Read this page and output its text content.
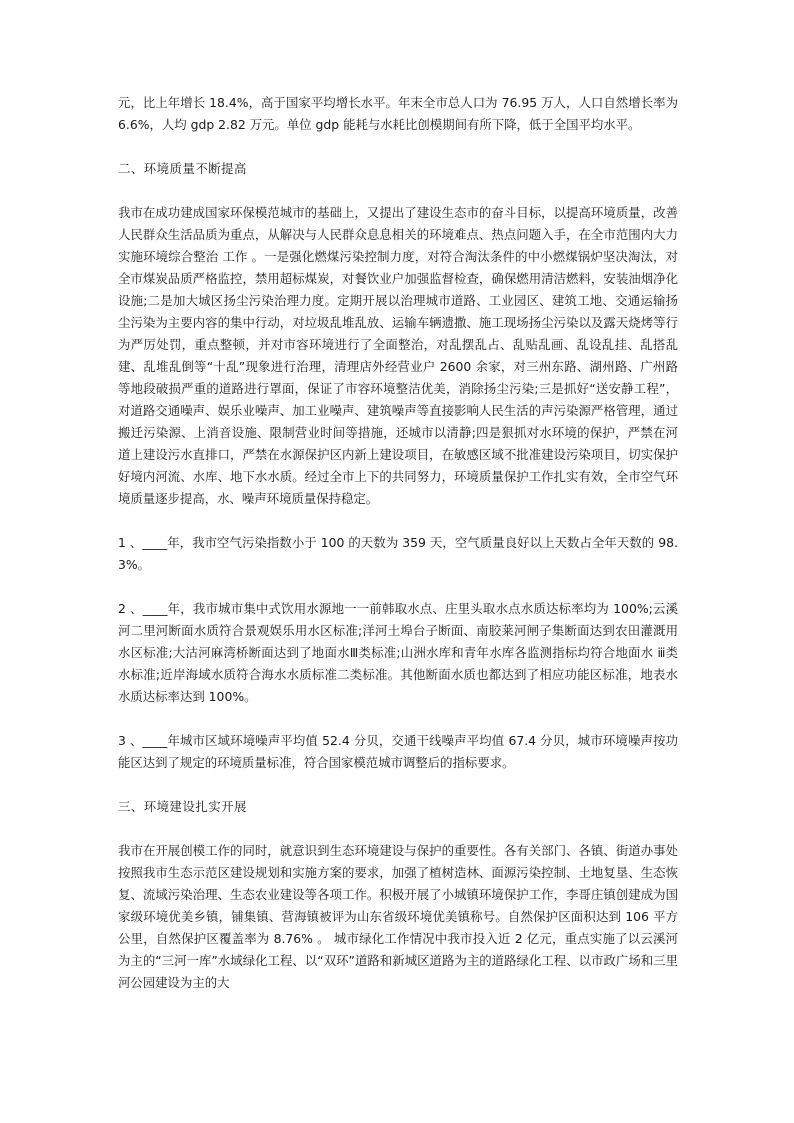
元，比上年增长 18.4%，高于国家平均增长水平。年末全市总人口为 76.95 万人，人口自然增长率为 6.6%，人均 gdp 2.82 万元。单位 gdp 能耗与水耗比创模期间有所下降，低于全国平均水平。

二、环境质量不断提高

我市在成功建成国家环保模范城市的基础上，又提出了建设生态市的奋斗目标，以提高环境质量，改善人民群众生活品质为重点，从解决与人民群众息息相关的环境难点、热点问题入手，在全市范围内大力实施环境综合整治 工作 。一是强化燃煤污染控制力度，对符合淘汰条件的中小燃煤锅炉坚决淘汰，对全市煤炭品质严格监控，禁用超标煤炭，对餐饮业户加强监督检查，确保燃用清洁燃料，安装油烟净化设施;二是加大城区扬尘污染治理力度。定期开展以治理城市道路、工业园区、建筑工地、交通运输扬尘污染为主要内容的集中行动，对垃圾乱堆乱放、运输车辆遗撒、施工现场扬尘污染以及露天烧烤等行为严厉处罚，重点整顿，并对市容环境进行了全面整治，对乱摆乱占、乱贴乱画、乱设乱挂、乱搭乱建、乱堆乱倒等“十乱”现象进行治理，清理店外经营业户 2600 余家，对三州东路、湖州路、广州路等地段破损严重的道路进行罩面，保证了市容环境整洁优美，消除扬尘污染;三是抓好“送安静工程”，对道路交通噪声、娱乐业噪声、加工业噪声、建筑噪声等直接影响人民生活的声污染源严格管理，通过搬迁污染源、上消音设施、限制营业时间等措施，还城市以清静;四是狠抓对水环境的保护，严禁在河道上建设污水直排口，严禁在水源保护区内新上建设项目，在敏感区域不批准建设污染项目，切实保护好境内河流、水库、地下水水质。经过全市上下的共同努力，环境质量保护工作扎实有效，全市空气环境质量逐步提高，水、噪声环境质量保持稳定。

1 、____年，我市空气污染指数小于 100 的天数为 359 天，空气质量良好以上天数占全年天数的 98.3%。

2 、____年，我市城市集中式饮用水源地一一前韩取水点、庄里头取水点水质达标率均为 100%;云溪河二里河断面水质符合景观娱乐用水区标准;洋河土埠台子断面、南胶莱河闸子集断面达到农田灌溉用水区标准;大沽河麻湾桥断面达到了地面水Ⅲ类标准;山洲水库和青年水库各监测指标均符合地面水 ⅲ类水标准;近岸海域水质符合海水水质标准二类标准。其他断面水质也都达到了相应功能区标准，地表水水质达标率达到 100%。

3 、____年城市区域环境噪声平均值 52.4 分贝，交通干线噪声平均值 67.4 分贝，城市环境噪声按功能区达到了规定的环境质量标准，符合国家模范城市调整后的指标要求。

三、环境建设扎实开展

我市在开展创模工作的同时，就意识到生态环境建设与保护的重要性。各有关部门、各镇、街道办事处按照我市生态示范区建设规划和实施方案的要求，加强了植树造林、面源污染控制、土地复垦、生态恢复、流域污染治理、生态农业建设等各项工作。积极开展了小城镇环境保护工作，李哥庄镇创建成为国家级环境优美乡镇，铺集镇、营海镇被评为山东省级环境优美镇称号。自然保护区面积达到 106 平方公里，自然保护区覆盖率为 8.76% 。 城市绿化工作情况中我市投入近 2 亿元，重点实施了以云溪河为主的“三河一库”水域绿化工程、以“双环”道路和新城区道路为主的道路绿化工程、以市政广场和三里河公园建设为主的大
